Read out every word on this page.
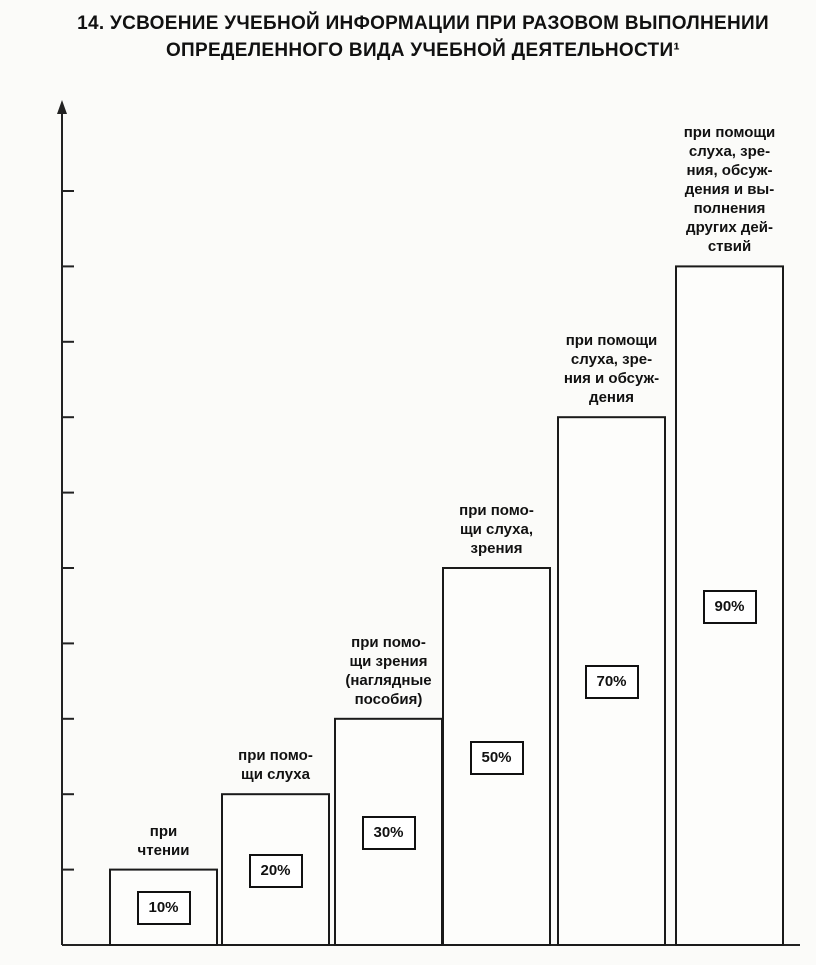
14. УСВОЕНИЕ УЧЕБНОЙ ИНФОРМАЦИИ ПРИ РАЗОВОМ ВЫПОЛНЕНИИ
ОПРЕДЕЛЕННОГО ВИДА УЧЕБНОЙ ДЕЯТЕЛЬНОСТИ¹
10%
при
чтении
20%
при помо-
щи слуха
30%
при помо-
щи зрения
(наглядные
пособия)
50%
при помо-
щи слуха,
зрения
70%
при помощи
слуха, зре-
ния и обсуж-
дения
90%
при помощи
слуха, зре-
ния, обсуж-
дения и вы-
полнения
других дей-
ствий
